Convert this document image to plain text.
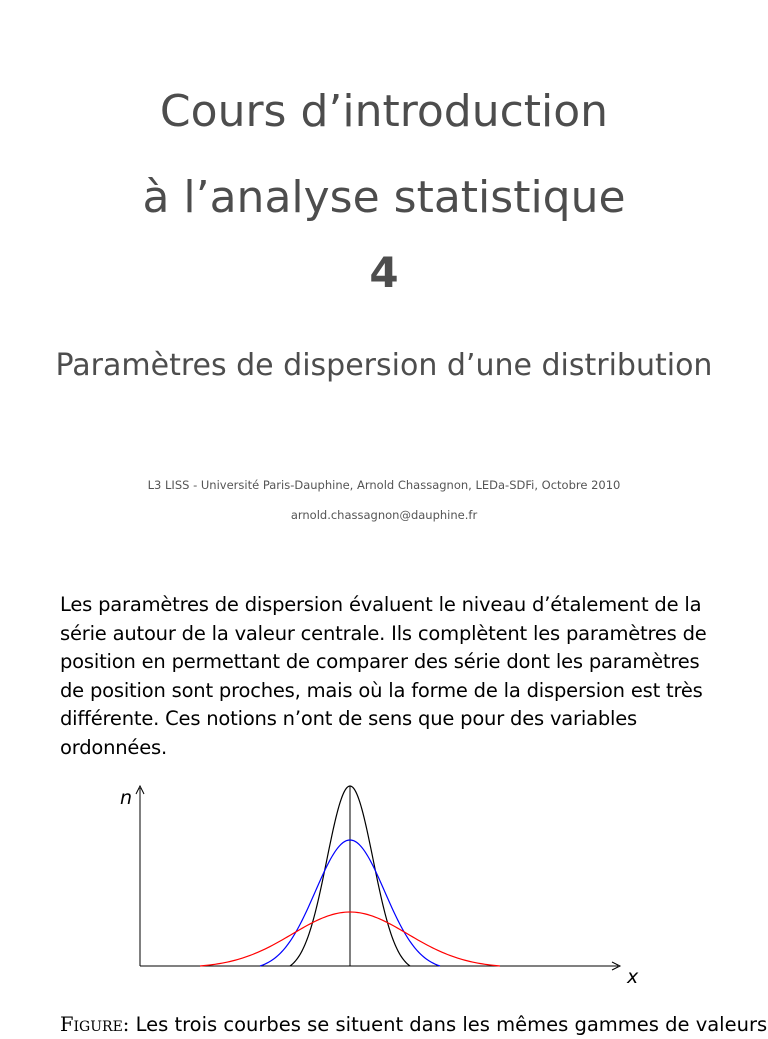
Cours d’introduction
à l’analyse statistique
4
Paramètres de dispersion d’une distribution

L3 LISS - Université Paris-Dauphine, Arnold Chassagnon, LEDa-SDFi, Octobre 2010

arnold.chassagnon@dauphine.fr

Les paramètres de dispersion évaluent le niveau d’étalement de la série autour de la valeur centrale. Ils complètent les paramètres de position en permettant de comparer des série dont les paramètres de position sont proches, mais où la forme de la dispersion est très différente. Ces notions n’ont de sens que pour des variables ordonnées.

n
x

Figure: Les trois courbes se situent dans les mêmes gammes de valeurs
